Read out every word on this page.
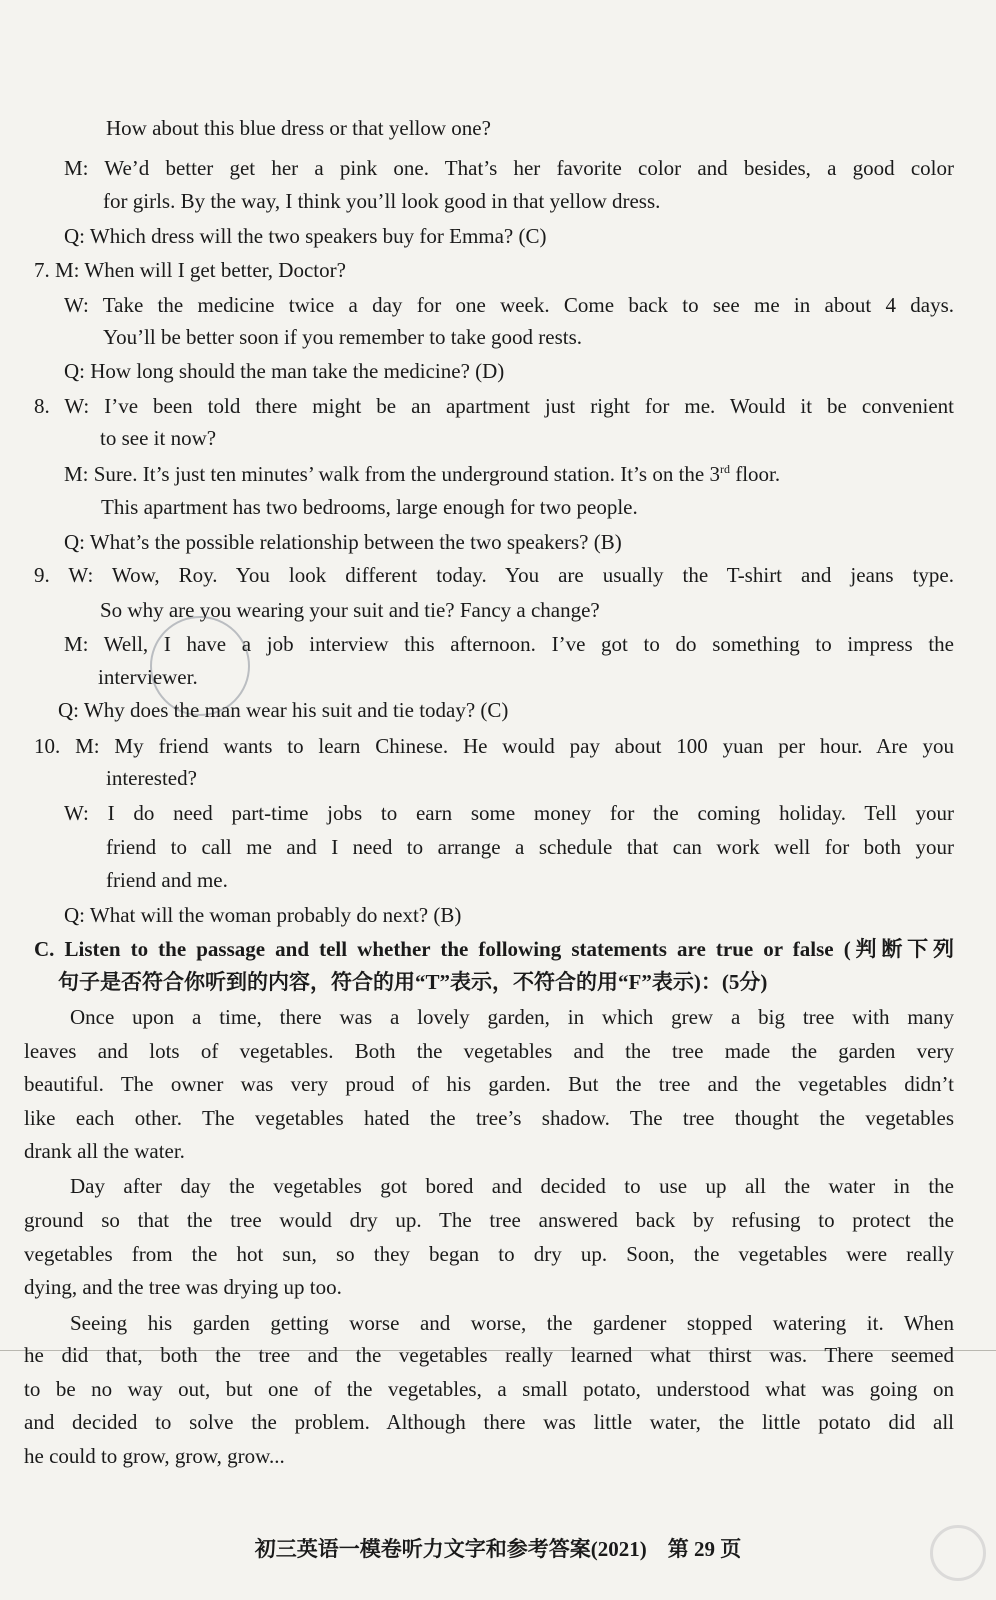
How about this blue dress or that yellow one?
M: We’d better get her a pink one. That’s her favorite color and besides, a good color
for girls. By the way, I think you’ll look good in that yellow dress.
Q: Which dress will the two speakers buy for Emma? (C)
7. M: When will I get better, Doctor?
W: Take the medicine twice a day for one week. Come back to see me in about 4 days.
You’ll be better soon if you remember to take good rests.
Q: How long should the man take the medicine? (D)
8. W: I’ve been told there might be an apartment just right for me. Would it be convenient
to see it now?
M: Sure. It’s just ten minutes’ walk from the underground station. It’s on the 3rd floor.
This apartment has two bedrooms, large enough for two people.
Q: What’s the possible relationship between the two speakers? (B)
9. W: Wow, Roy. You look different today. You are usually the T-shirt and jeans type.
So why are you wearing your suit and tie? Fancy a change?
M: Well, I have a job interview this afternoon. I’ve got to do something to impress the
interviewer.
Q: Why does the man wear his suit and tie today? (C)
10. M: My friend wants to learn Chinese. He would pay about 100 yuan per hour. Are you
interested?
W: I do need part-time jobs to earn some money for the coming holiday. Tell your
friend to call me and I need to arrange a schedule that can work well for both your
friend and me.
Q: What will the woman probably do next? (B)
C. Listen to the passage and tell whether the following statements are true or false (判断下列
句子是否符合你听到的内容，符合的用“T”表示，不符合的用“F”表示)：(5分)
Once upon a time, there was a lovely garden, in which grew a big tree with many
leaves and lots of vegetables. Both the vegetables and the tree made the garden very
beautiful. The owner was very proud of his garden. But the tree and the vegetables didn’t
like each other. The vegetables hated the tree’s shadow. The tree thought the vegetables
drank all the water.
Day after day the vegetables got bored and decided to use up all the water in the
ground so that the tree would dry up. The tree answered back by refusing to protect the
vegetables from the hot sun, so they began to dry up. Soon, the vegetables were really
dying, and the tree was drying up too.
Seeing his garden getting worse and worse, the gardener stopped watering it. When
he did that, both the tree and the vegetables really learned what thirst was. There seemed
to be no way out, but one of the vegetables, a small potato, understood what was going on
and decided to solve the problem. Although there was little water, the little potato did all
he could to grow, grow, grow...
初三英语一模卷听力文字和参考答案(2021)　第 29 页
